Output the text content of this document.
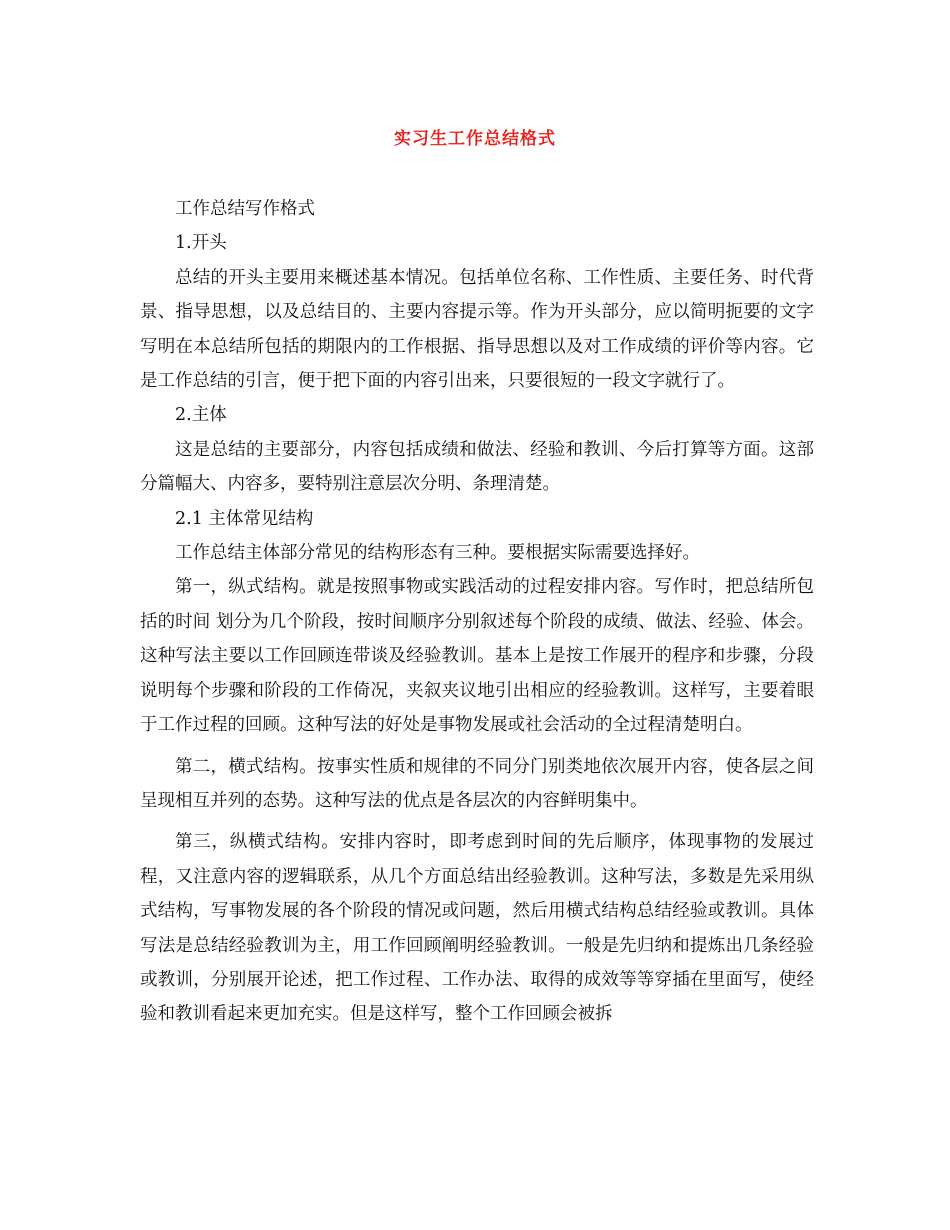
实习生工作总结格式

工作总结写作格式

1.开头

总结的开头主要用来概述基本情况。包括单位名称、工作性质、主要任务、时代背景、指导思想，以及总结目的、主要内容提示等。作为开头部分，应以简明扼要的文字写明在本总结所包括的期限内的工作根据、指导思想以及对工作成绩的评价等内容。它是工作总结的引言，便于把下面的内容引出来，只要很短的一段文字就行了。

2.主体

这是总结的主要部分，内容包括成绩和做法、经验和教训、今后打算等方面。这部分篇幅大、内容多，要特别注意层次分明、条理清楚。

2.1 主体常见结构

工作总结主体部分常见的结构形态有三种。要根据实际需要选择好。

第一，纵式结构。就是按照事物或实践活动的过程安排内容。写作时，把总结所包括的时间 划分为几个阶段，按时间顺序分别叙述每个阶段的成绩、做法、经验、体会。这种写法主要以工作回顾连带谈及经验教训。基本上是按工作展开的程序和步骤，分段说明每个步骤和阶段的工作倚况，夹叙夹议地引出相应的经验教训。这样写，主要着眼于工作过程的回顾。这种写法的好处是事物发展或社会活动的全过程清楚明白。

第二，横式结构。按事实性质和规律的不同分门别类地依次展开内容，使各层之间呈现相互并列的态势。这种写法的优点是各层次的内容鲜明集中。

第三，纵横式结构。安排内容时，即考虑到时间的先后顺序，体现事物的发展过程，又注意内容的逻辑联系，从几个方面总结出经验教训。这种写法，多数是先采用纵式结构，写事物发展的各个阶段的情况或问题，然后用横式结构总结经验或教训。具体写法是总结经验教训为主，用工作回顾阐明经验教训。一般是先归纳和提炼出几条经验或教训，分别展开论述，把工作过程、工作办法、取得的成效等等穿插在里面写，使经验和教训看起来更加充实。但是这样写，整个工作回顾会被拆
